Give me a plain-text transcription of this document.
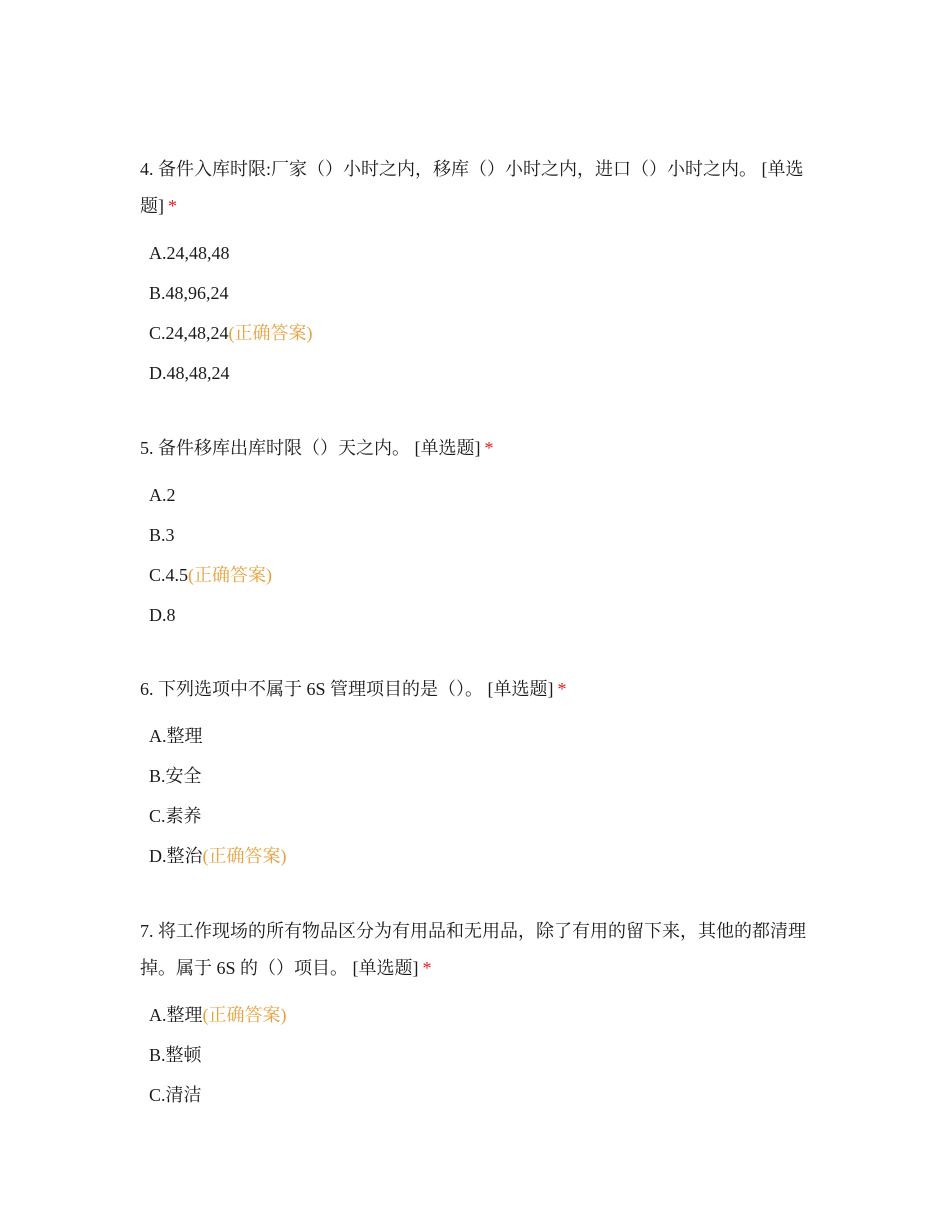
4. 备件入库时限:厂家（）小时之内，移库（）小时之内，进口（）小时之内。 [单选题] *

A.24,48,48
B.48,96,24
C.24,48,24(正确答案)
D.48,48,24

5. 备件移库出库时限（）天之内。 [单选题] *

A.2
B.3
C.4.5(正确答案)
D.8

6. 下列选项中不属于 6S 管理项目的是（）。 [单选题] *

A.整理
B.安全
C.素养
D.整治(正确答案)

7. 将工作现场的所有物品区分为有用品和无用品，除了有用的留下来，其他的都清理掉。属于 6S 的（）项目。 [单选题] *

A.整理(正确答案)
B.整顿
C.清洁
